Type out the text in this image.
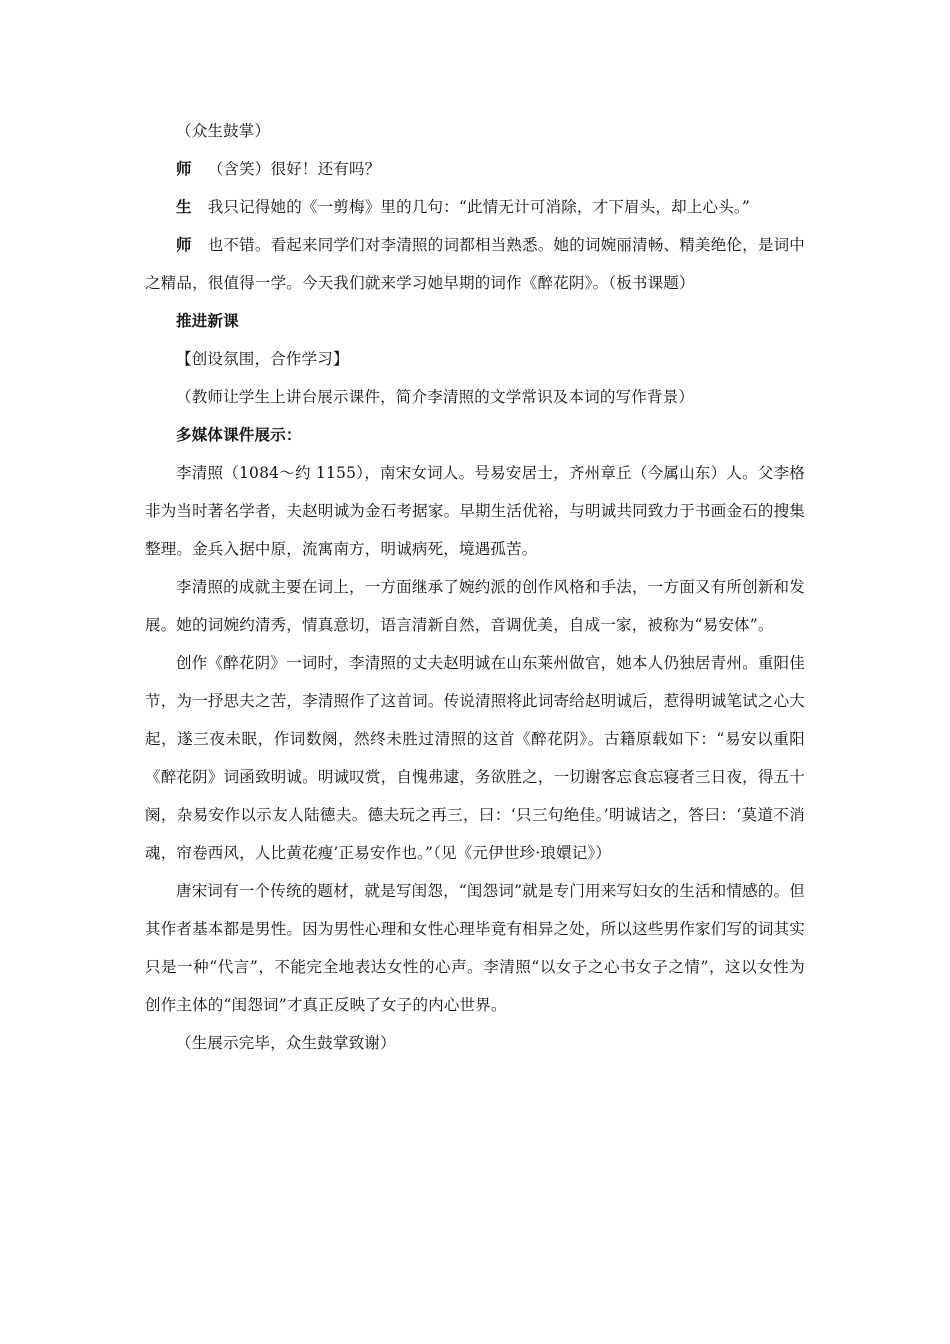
（众生鼓掌）

师 （含笑）很好！还有吗？

生 我只记得她的《一剪梅》里的几句：“此情无计可消除，才下眉头，却上心头。”

师 也不错。看起来同学们对李清照的词都相当熟悉。她的词婉丽清畅、精美绝伦，是词中之精品，很值得一学。今天我们就来学习她早期的词作《醉花阴》。（板书课题）

推进新课

【创设氛围，合作学习】

（教师让学生上讲台展示课件，简介李清照的文学常识及本词的写作背景）

多媒体课件展示：

李清照（1084～约 1155），南宋女词人。号易安居士，齐州章丘（今属山东）人。父李格非为当时著名学者，夫赵明诚为金石考据家。早期生活优裕，与明诚共同致力于书画金石的搜集整理。金兵入据中原，流寓南方，明诚病死，境遇孤苦。

李清照的成就主要在词上，一方面继承了婉约派的创作风格和手法，一方面又有所创新和发展。她的词婉约清秀，情真意切，语言清新自然，音调优美，自成一家，被称为“易安体”。

创作《醉花阴》一词时，李清照的丈夫赵明诚在山东莱州做官，她本人仍独居青州。重阳佳节，为一抒思夫之苦，李清照作了这首词。传说清照将此词寄给赵明诚后，惹得明诚笔试之心大起，遂三夜未眠，作词数阕，然终未胜过清照的这首《醉花阴》。古籍原载如下：“易安以重阳《醉花阴》词函致明诚。明诚叹赏，自愧弗逮，务欲胜之，一切谢客忘食忘寝者三日夜，得五十阕，杂易安作以示友人陆德夫。德夫玩之再三，曰：‘只三句绝佳。’明诚诘之，答曰：‘莫道不消魂，帘卷西风，人比黄花瘦’正易安作也。”（见《元伊世珍·琅嬛记》）

唐宋词有一个传统的题材，就是写闺怨，“闺怨词”就是专门用来写妇女的生活和情感的。但其作者基本都是男性。因为男性心理和女性心理毕竟有相异之处，所以这些男作家们写的词其实只是一种“代言”，不能完全地表达女性的心声。李清照“以女子之心书女子之情”，这以女性为创作主体的“闺怨词”才真正反映了女子的内心世界。

（生展示完毕，众生鼓掌致谢）
